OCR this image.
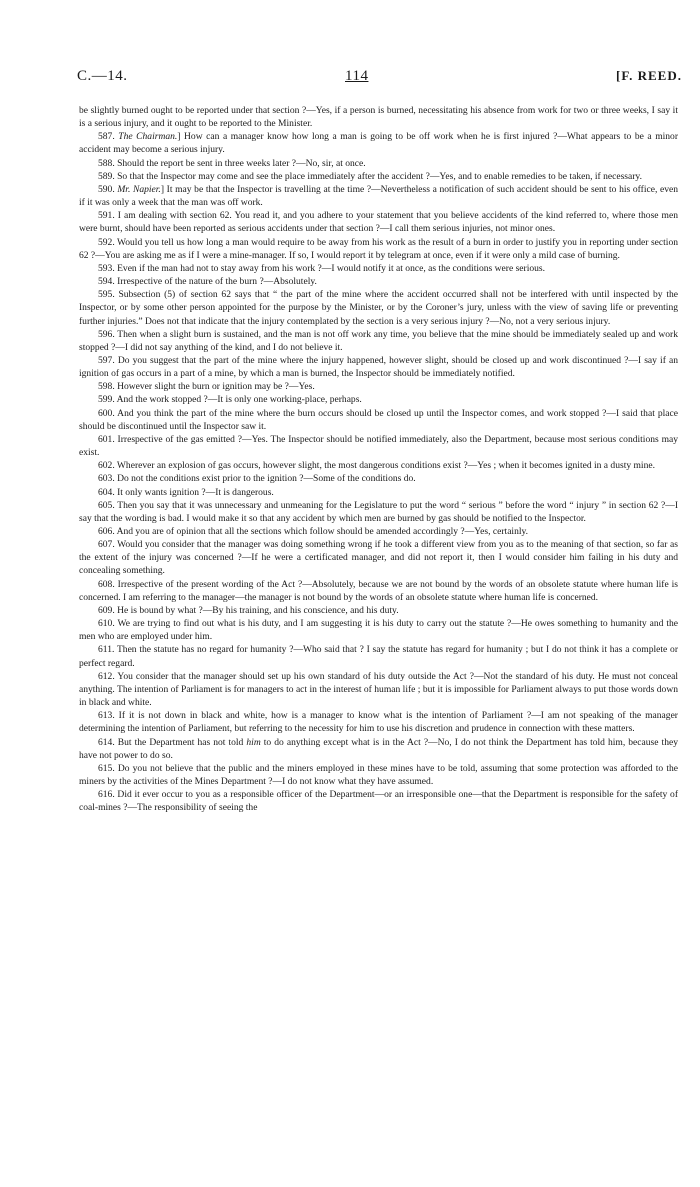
C.—14.	114	[F. REED.

be slightly burned ought to be reported under that section ?—Yes, if a person is burned, necessitating his absence from work for two or three weeks, I say it is a serious injury, and it ought to be reported to the Minister.

587. The Chairman.] How can a manager know how long a man is going to be off work when he is first injured ?—What appears to be a minor accident may become a serious injury.

588. Should the report be sent in three weeks later ?—No, sir, at once.

589. So that the Inspector may come and see the place immediately after the accident ?—Yes, and to enable remedies to be taken, if necessary.

590. Mr. Napier.] It may be that the Inspector is travelling at the time ?—Nevertheless a notification of such accident should be sent to his office, even if it was only a week that the man was off work.

591. I am dealing with section 62. You read it, and you adhere to your statement that you believe accidents of the kind referred to, where those men were burnt, should have been reported as serious accidents under that section ?—I call them serious injuries, not minor ones.

592. Would you tell us how long a man would require to be away from his work as the result of a burn in order to justify you in reporting under section 62 ?—You are asking me as if I were a mine-manager. If so, I would report it by telegram at once, even if it were only a mild case of burning.

593. Even if the man had not to stay away from his work ?—I would notify it at once, as the conditions were serious.

594. Irrespective of the nature of the burn ?—Absolutely.

595. Subsection (5) of section 62 says that “ the part of the mine where the accident occurred shall not be interfered with until inspected by the Inspector, or by some other person appointed for the purpose by the Minister, or by the Coroner’s jury, unless with the view of saving life or preventing further injuries.” Does not that indicate that the injury contemplated by the section is a very serious injury ?—No, not a very serious injury.

596. Then when a slight burn is sustained, and the man is not off work any time, you believe that the mine should be immediately sealed up and work stopped ?—I did not say anything of the kind, and I do not believe it.

597. Do you suggest that the part of the mine where the injury happened, however slight, should be closed up and work discontinued ?—I say if an ignition of gas occurs in a part of a mine, by which a man is burned, the Inspector should be immediately notified.

598. However slight the burn or ignition may be ?—Yes.

599. And the work stopped ?—It is only one working-place, perhaps.

600. And you think the part of the mine where the burn occurs should be closed up until the Inspector comes, and work stopped ?—I said that place should be discontinued until the Inspector saw it.

601. Irrespective of the gas emitted ?—Yes. The Inspector should be notified immediately, also the Department, because most serious conditions may exist.

602. Wherever an explosion of gas occurs, however slight, the most dangerous conditions exist ?—Yes ; when it becomes ignited in a dusty mine.

603. Do not the conditions exist prior to the ignition ?—Some of the conditions do.

604. It only wants ignition ?—It is dangerous.

605. Then you say that it was unnecessary and unmeaning for the Legislature to put the word “ serious ” before the word “ injury ” in section 62 ?—I say that the wording is bad. I would make it so that any accident by which men are burned by gas should be notified to the Inspector.

606. And you are of opinion that all the sections which follow should be amended accordingly ?—Yes, certainly.

607. Would you consider that the manager was doing something wrong if he took a different view from you as to the meaning of that section, so far as the extent of the injury was concerned ?—If he were a certificated manager, and did not report it, then I would consider him failing in his duty and concealing something.

608. Irrespective of the present wording of the Act ?—Absolutely, because we are not bound by the words of an obsolete statute where human life is concerned. I am referring to the manager—the manager is not bound by the words of an obsolete statute where human life is concerned.

609. He is bound by what ?—By his training, and his conscience, and his duty.

610. We are trying to find out what is his duty, and I am suggesting it is his duty to carry out the statute ?—He owes something to humanity and the men who are employed under him.

611. Then the statute has no regard for humanity ?—Who said that ? I say the statute has regard for humanity ; but I do not think it has a complete or perfect regard.

612. You consider that the manager should set up his own standard of his duty outside the Act ?—Not the standard of his duty. He must not conceal anything. The intention of Parliament is for managers to act in the interest of human life ; but it is impossible for Parliament always to put those words down in black and white.

613. If it is not down in black and white, how is a manager to know what is the intention of Parliament ?—I am not speaking of the manager determining the intention of Parliament, but referring to the necessity for him to use his discretion and prudence in connection with these matters.

614. But the Department has not told him to do anything except what is in the Act ?—No, I do not think the Department has told him, because they have not power to do so.

615. Do you not believe that the public and the miners employed in these mines have to be told, assuming that some protection was afforded to the miners by the activities of the Mines Department ?—I do not know what they have assumed.

616. Did it ever occur to you as a responsible officer of the Department—or an irresponsible one—that the Department is responsible for the safety of coal-mines ?—The responsibility of seeing the
